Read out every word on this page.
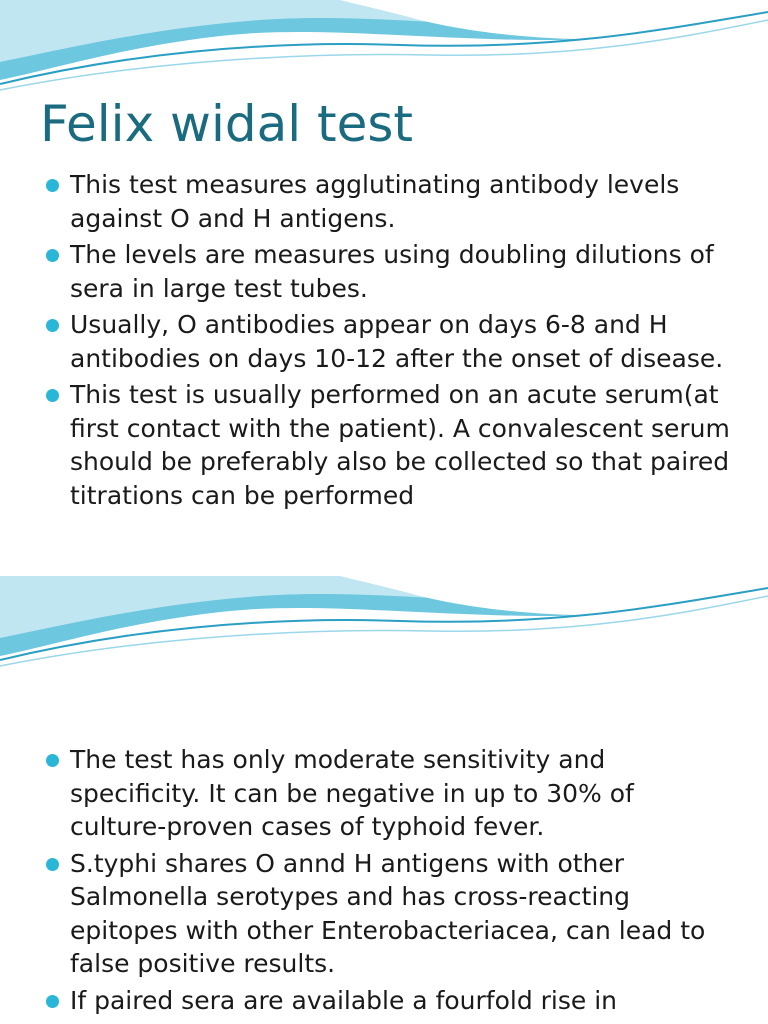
Felix widal test
This test measures agglutinating antibody levels against O and H antigens.
The levels are measures using doubling dilutions of sera in large test tubes.
Usually, O antibodies appear on days 6-8 and H antibodies on days 10-12 after the onset of disease.
This test is usually performed on an acute serum(at first contact with the patient). A convalescent serum should be preferably also be collected so that paired titrations can be performed
The test has only moderate sensitivity and specificity. It can be negative in up to 30% of culture-proven cases of typhoid fever.
S.typhi shares O annd H antigens with other Salmonella serotypes and has cross-reacting epitopes with other Enterobacteriacea, can lead to false positive results.
If paired sera are available a fourfold rise in
